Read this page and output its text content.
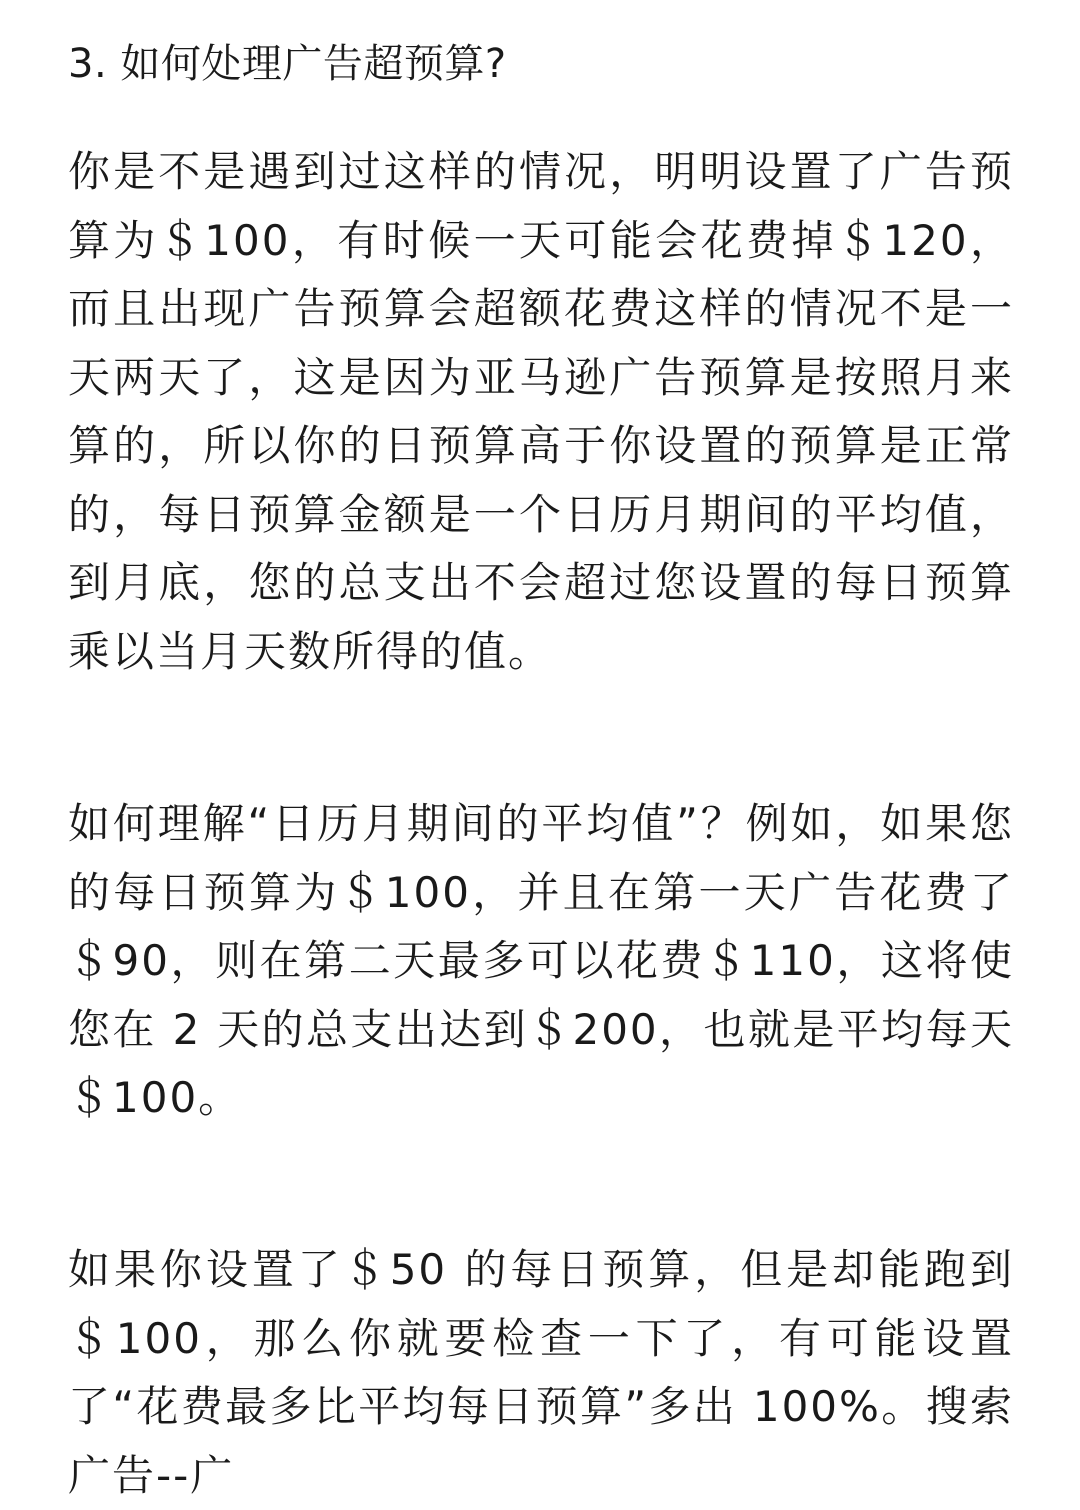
3. 如何处理广告超预算?

你是不是遇到过这样的情况，明明设置了广告预算为＄100，有时候一天可能会花费掉＄120，而且出现广告预算会超额花费这样的情况不是一天两天了，这是因为亚马逊广告预算是按照月来算的，所以你的日预算高于你设置的预算是正常的，每日预算金额是一个日历月期间的平均值，到月底，您的总支出不会超过您设置的每日预算乘以当月天数所得的值。

如何理解“日历月期间的平均值”？例如，如果您的每日预算为＄100，并且在第一天广告花费了＄90，则在第二天最多可以花费＄110，这将使您在 2 天的总支出达到＄200，也就是平均每天＄100。

如果你设置了＄50 的每日预算，但是却能跑到＄100，那么你就要检查一下了，有可能设置了“花费最多比平均每日预算”多出 100%。搜索广告--广
